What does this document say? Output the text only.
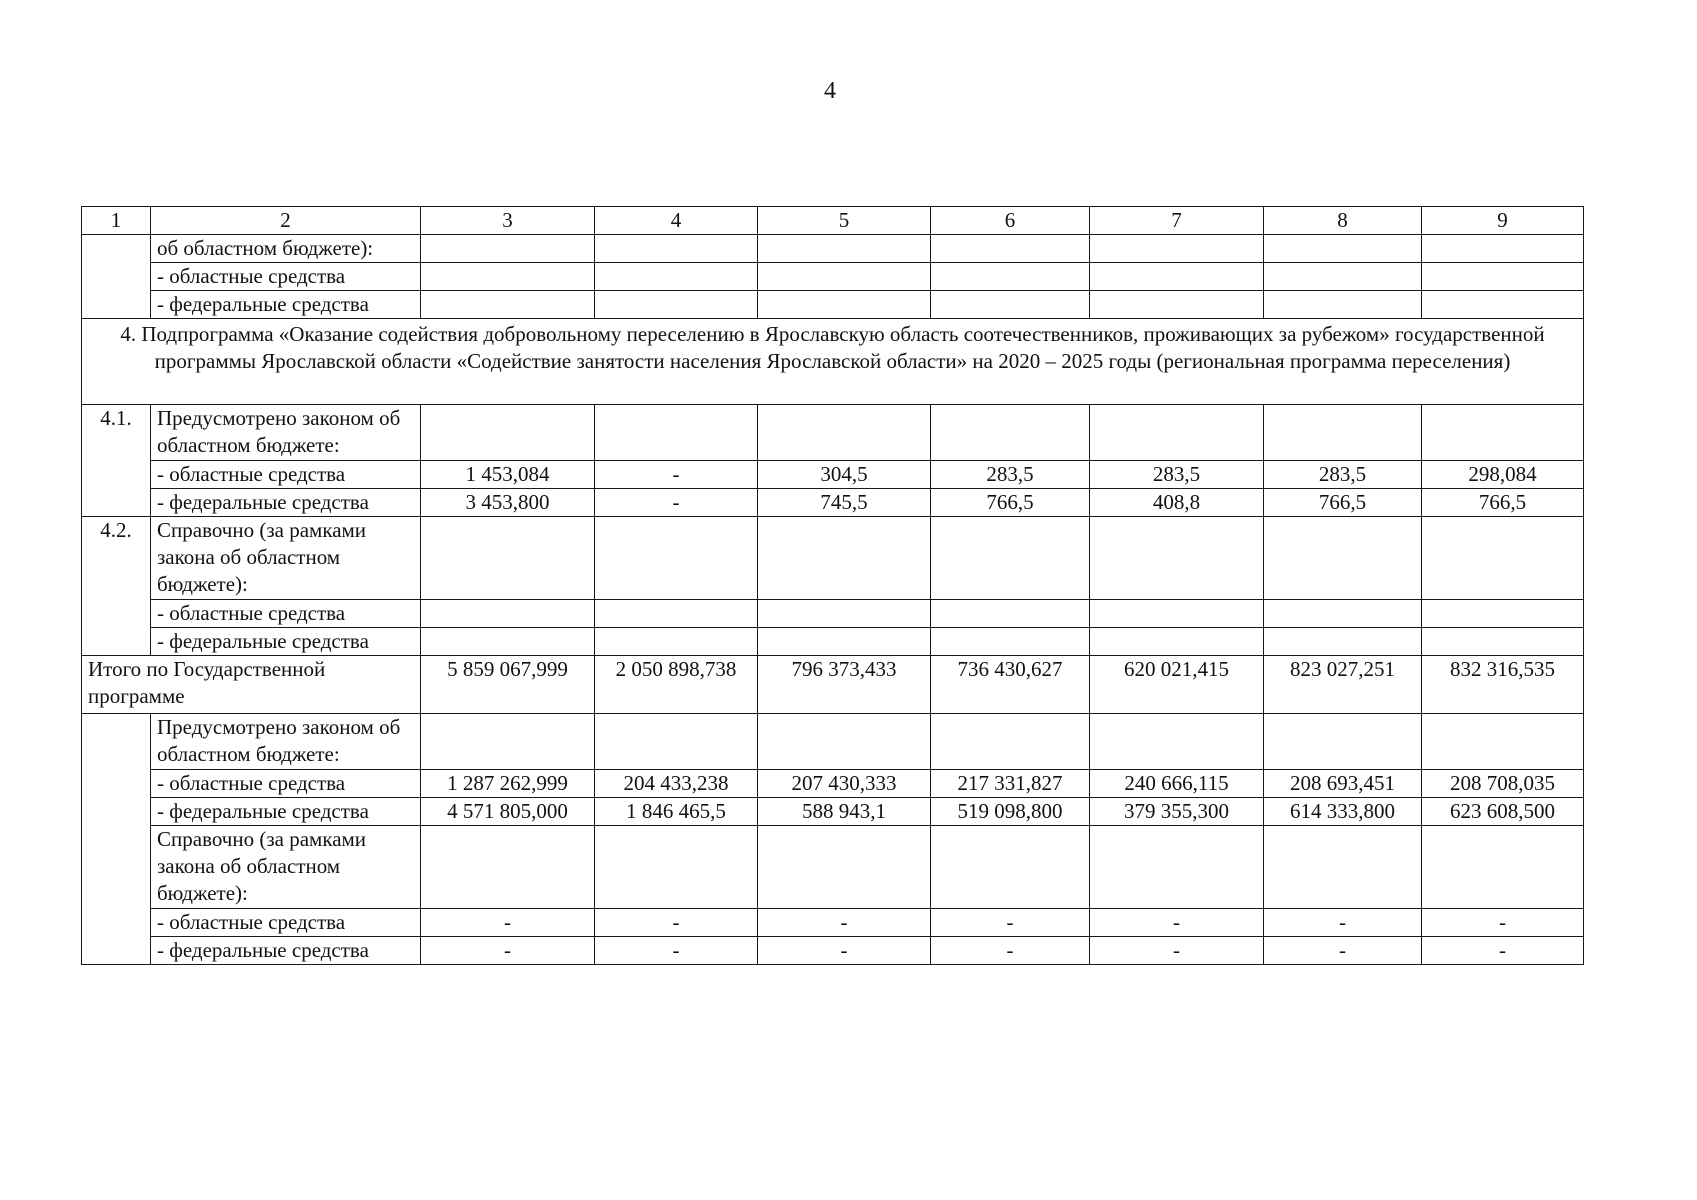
4
1	2	3	4	5	6	7	8	9
	об областном бюджете):							
	- областные средства							
	- федеральные средства							
4. Подпрограмма «Оказание содействия добровольному переселению в Ярославскую область соотечественников, проживающих за рубежом» государственной программы Ярославской области «Содействие занятости населения Ярославской области» на 2020 – 2025 годы (региональная программа переселения)								
4.1.	Предусмотрено законом об областном бюджете:							
	- областные средства	1 453,084	-	304,5	283,5	283,5	283,5	298,084
	- федеральные средства	3 453,800	-	745,5	766,5	408,8	766,5	766,5
4.2.	Справочно (за рамками закона об областном бюджете):							
	- областные средства							
	- федеральные средства							
Итого по Государственной программе		5 859 067,999	2 050 898,738	796 373,433	736 430,627	620 021,415	823 027,251	832 316,535
	Предусмотрено законом об областном бюджете:							
	- областные средства	1 287 262,999	204 433,238	207 430,333	217 331,827	240 666,115	208 693,451	208 708,035
	- федеральные средства	4 571 805,000	1 846 465,5	588 943,1	519 098,800	379 355,300	614 333,800	623 608,500
	Справочно (за рамками закона об областном бюджете):							
	- областные средства	-	-	-	-	-	-	-
	- федеральные средства	-	-	-	-	-	-	-
